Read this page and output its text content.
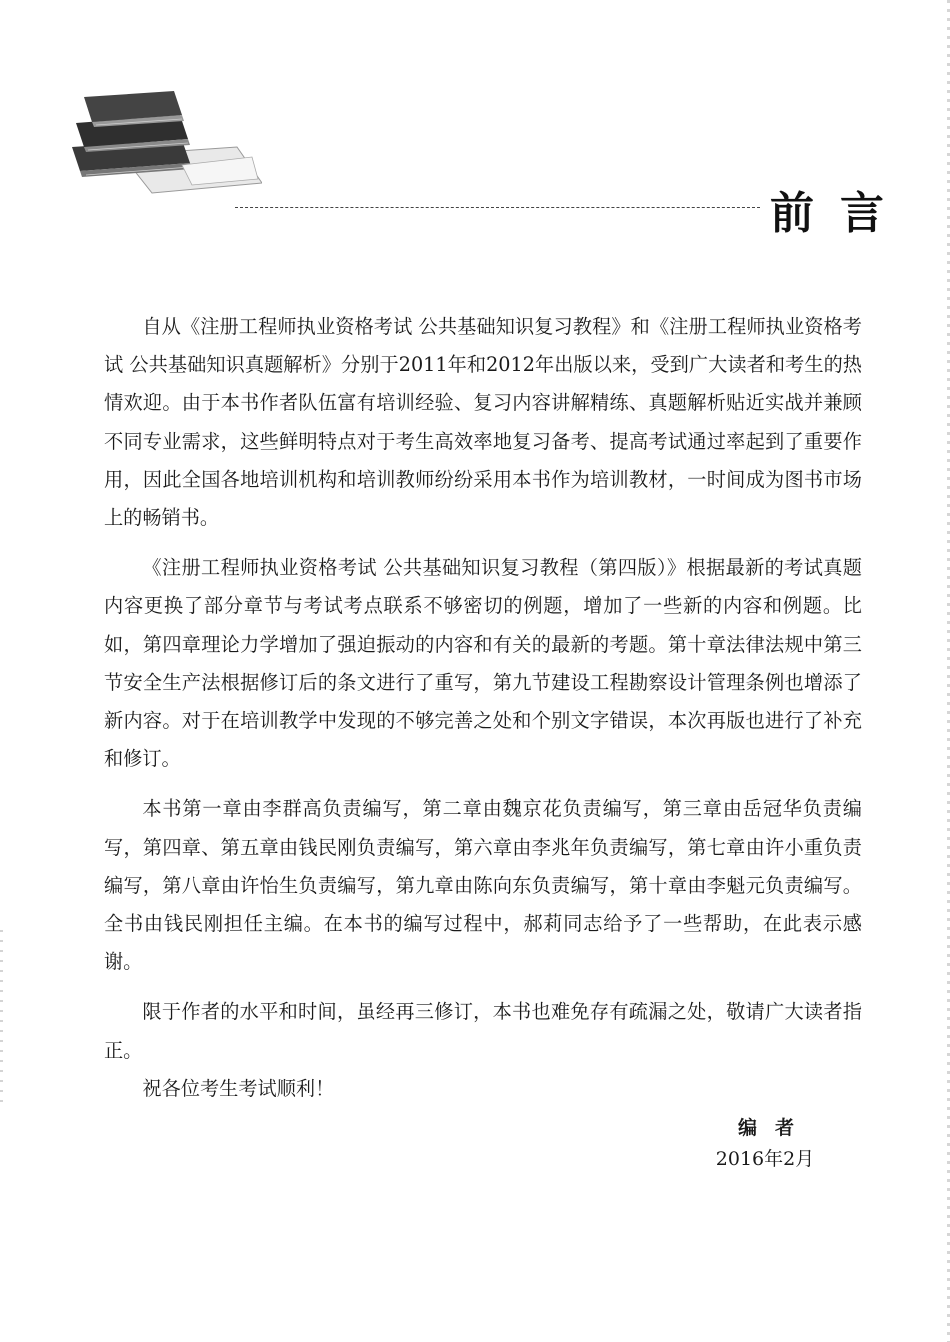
前言

自从《注册工程师执业资格考试 公共基础知识复习教程》和《注册工程师执业资格考试 公共基础知识真题解析》分别于2011年和2012年出版以来，受到广大读者和考生的热情欢迎。由于本书作者队伍富有培训经验、复习内容讲解精练、真题解析贴近实战并兼顾不同专业需求，这些鲜明特点对于考生高效率地复习备考、提高考试通过率起到了重要作用，因此全国各地培训机构和培训教师纷纷采用本书作为培训教材，一时间成为图书市场上的畅销书。

《注册工程师执业资格考试 公共基础知识复习教程（第四版）》根据最新的考试真题内容更换了部分章节与考试考点联系不够密切的例题，增加了一些新的内容和例题。比如，第四章理论力学增加了强迫振动的内容和有关的最新的考题。第十章法律法规中第三节安全生产法根据修订后的条文进行了重写，第九节建设工程勘察设计管理条例也增添了新内容。对于在培训教学中发现的不够完善之处和个别文字错误，本次再版也进行了补充和修订。

本书第一章由李群高负责编写，第二章由魏京花负责编写，第三章由岳冠华负责编写，第四章、第五章由钱民刚负责编写，第六章由李兆年负责编写，第七章由许小重负责编写，第八章由许怡生负责编写，第九章由陈向东负责编写，第十章由李魁元负责编写。全书由钱民刚担任主编。在本书的编写过程中，郝莉同志给予了一些帮助，在此表示感谢。

限于作者的水平和时间，虽经再三修订，本书也难免存有疏漏之处，敬请广大读者指正。

祝各位考生考试顺利！

编者
2016年2月
